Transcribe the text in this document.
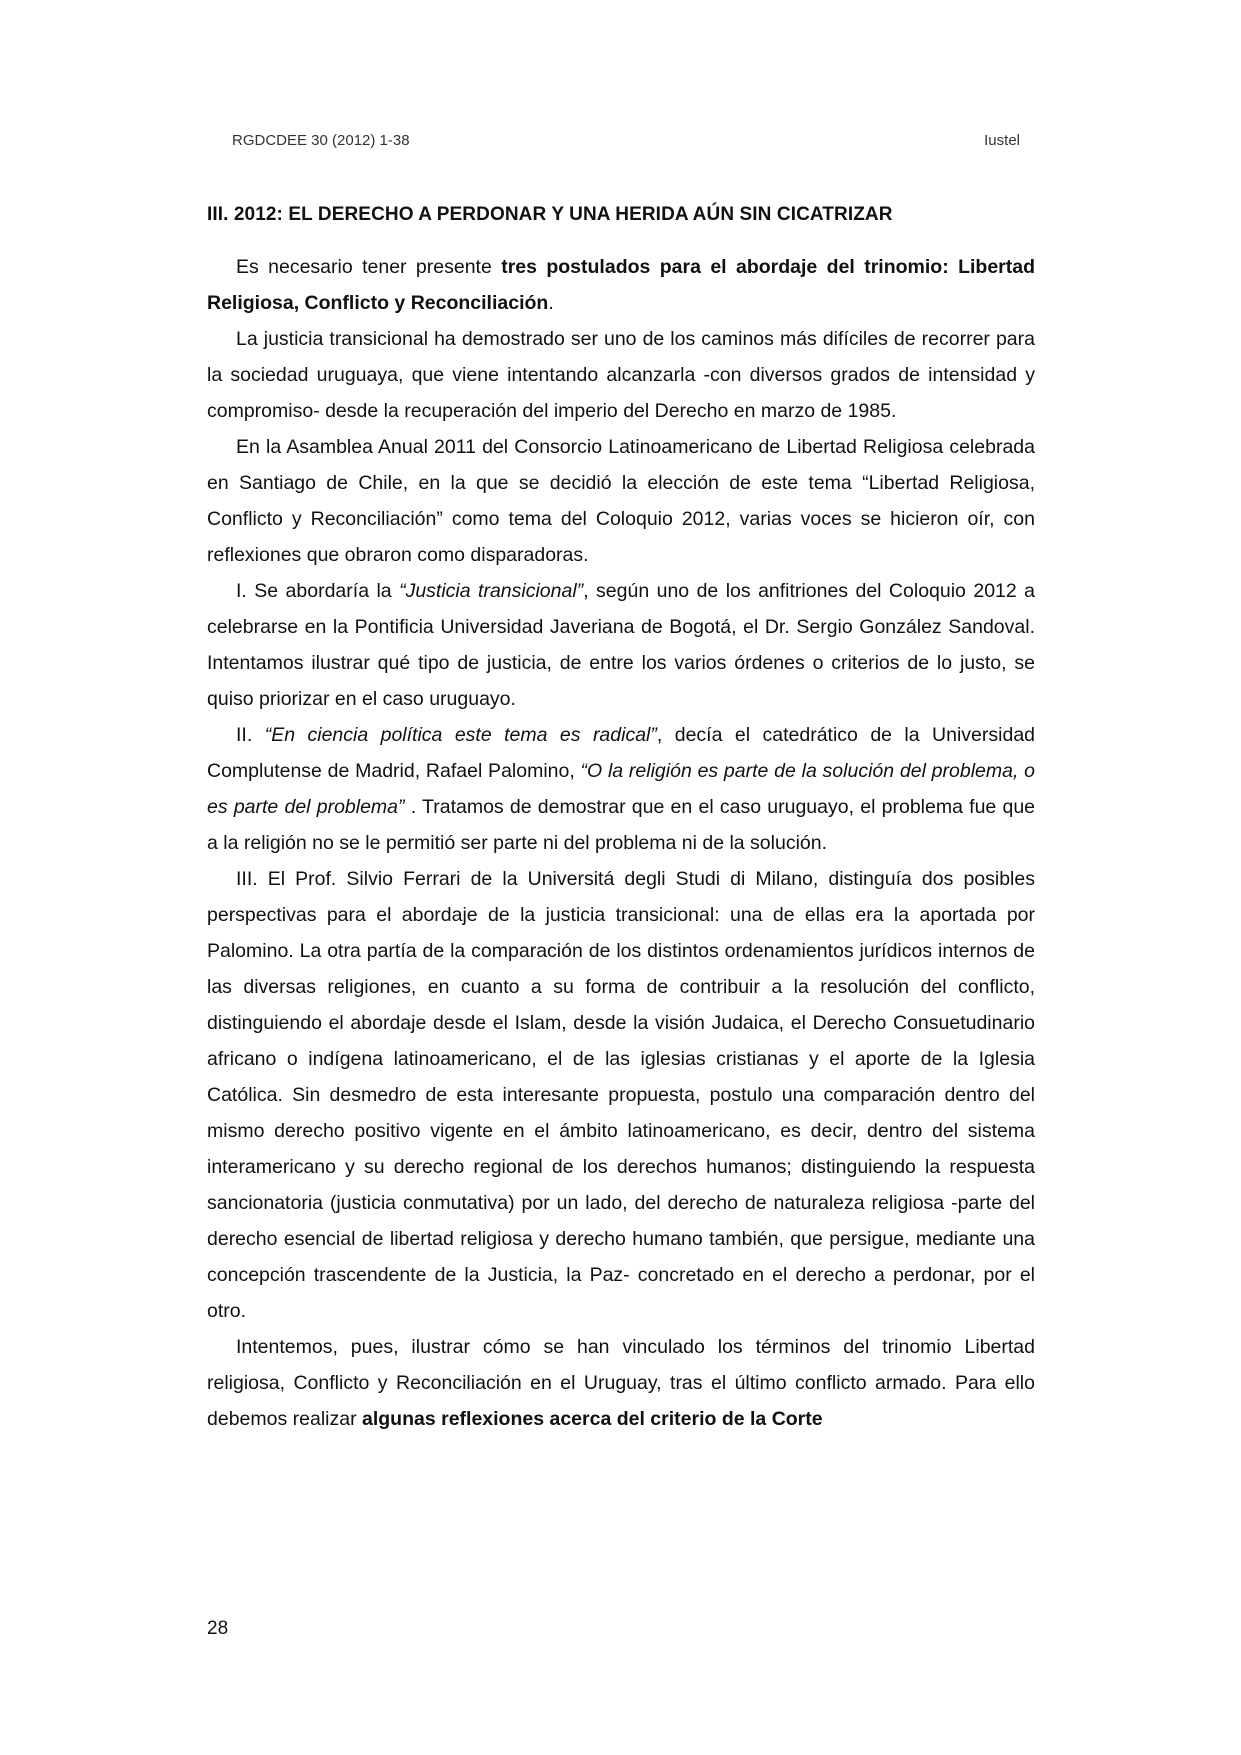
RGDCDEE 30 (2012) 1-38	Iustel
III. 2012: EL DERECHO A PERDONAR Y UNA HERIDA AÚN SIN CICATRIZAR

Es necesario tener presente tres postulados para el abordaje del trinomio: Libertad Religiosa, Conflicto y Reconciliación.

La justicia transicional ha demostrado ser uno de los caminos más difíciles de recorrer para la sociedad uruguaya, que viene intentando alcanzarla -con diversos grados de intensidad y compromiso- desde la recuperación del imperio del Derecho en marzo de 1985.

En la Asamblea Anual 2011 del Consorcio Latinoamericano de Libertad Religiosa celebrada en Santiago de Chile, en la que se decidió la elección de este tema “Libertad Religiosa, Conflicto y Reconciliación” como tema del Coloquio 2012, varias voces se hicieron oír, con reflexiones que obraron como disparadoras.

I. Se abordaría la “Justicia transicional”, según uno de los anfitriones del Coloquio 2012 a celebrarse en la Pontificia Universidad Javeriana de Bogotá, el Dr. Sergio González Sandoval. Intentamos ilustrar qué tipo de justicia, de entre los varios órdenes o criterios de lo justo, se quiso priorizar en el caso uruguayo.

II. “En ciencia política este tema es radical”, decía el catedrático de la Universidad Complutense de Madrid, Rafael Palomino, “O la religión es parte de la solución del problema, o es parte del problema” . Tratamos de demostrar que en el caso uruguayo, el problema fue que a la religión no se le permitió ser parte ni del problema ni de la solución.

III. El Prof. Silvio Ferrari de la Universitá degli Studi di Milano, distinguía dos posibles perspectivas para el abordaje de la justicia transicional: una de ellas era la aportada por Palomino. La otra partía de la comparación de los distintos ordenamientos jurídicos internos de las diversas religiones, en cuanto a su forma de contribuir a la resolución del conflicto, distinguiendo el abordaje desde el Islam, desde la visión Judaica, el Derecho Consuetudinario africano o indígena latinoamericano, el de las iglesias cristianas y el aporte de la Iglesia Católica. Sin desmedro de esta interesante propuesta, postulo una comparación dentro del mismo derecho positivo vigente en el ámbito latinoamericano, es decir, dentro del sistema interamericano y su derecho regional de los derechos humanos; distinguiendo la respuesta sancionatoria (justicia conmutativa) por un lado, del derecho de naturaleza religiosa -parte del derecho esencial de libertad religiosa y derecho humano también, que persigue, mediante una concepción trascendente de la Justicia, la Paz- concretado en el derecho a perdonar, por el otro.

Intentemos, pues, ilustrar cómo se han vinculado los términos del trinomio Libertad religiosa, Conflicto y Reconciliación en el Uruguay, tras el último conflicto armado. Para ello debemos realizar algunas reflexiones acerca del criterio de la Corte

28
